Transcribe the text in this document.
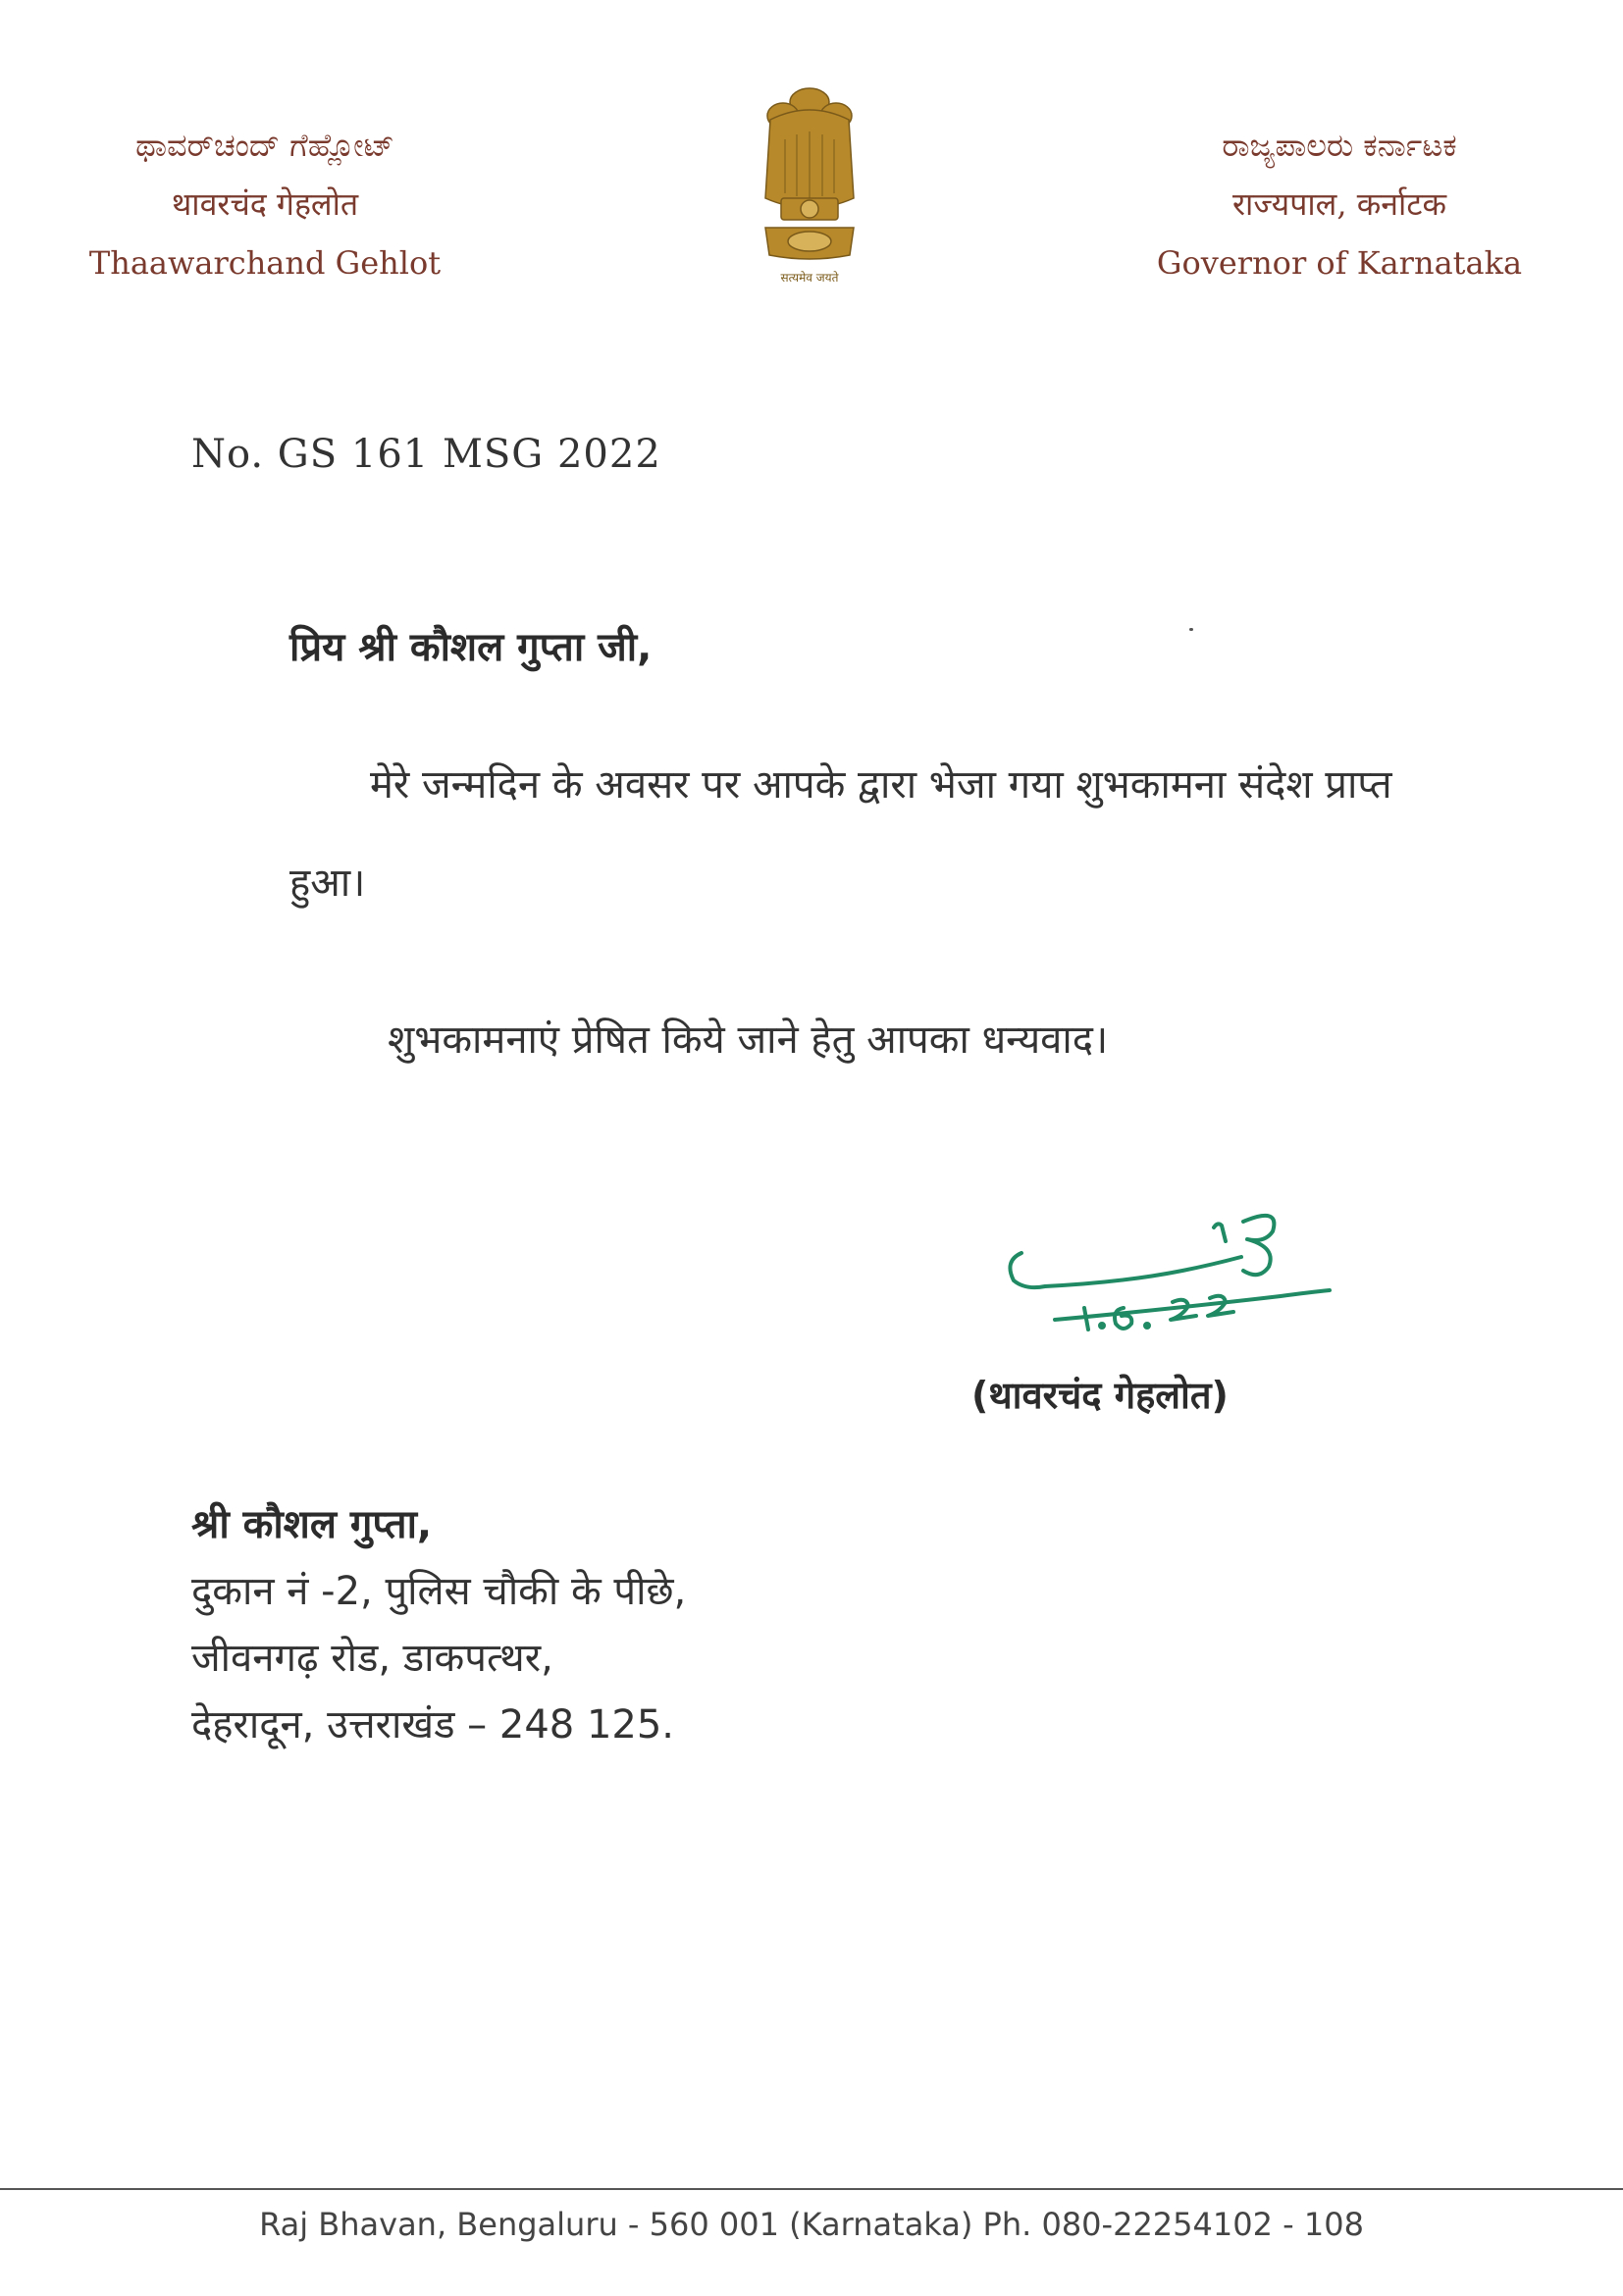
ಥಾವರ್‌ಚಂದ್ ಗೆಹ್ಲೋಟ್
थावरचंद गेहलोत
Thaawarchand Gehlot	सत्यमेव जयते
ರಾಜ್ಯಪಾಲರು ಕರ್ನಾಟಕ
राज्यपाल, कर्नाटक
Governor of Karnataka
No. GS 161 MSG 2022
प्रिय श्री कौशल गुप्ता जी,
मेरे जन्मदिन के अवसर पर आपके द्वारा भेजा गया शुभकामना संदेश प्राप्त हुआ।
शुभकामनाएं प्रेषित किये जाने हेतु आपका धन्यवाद।
(थावरचंद गेहलोत)
श्री कौशल गुप्ता,
दुकान नं -2, पुलिस चौकी के पीछे,
जीवनगढ़ रोड, डाकपत्थर,
देहरादून, उत्तराखंड – 248 125.
Raj Bhavan, Bengaluru - 560 001 (Karnataka) Ph. 080-22254102 - 108
